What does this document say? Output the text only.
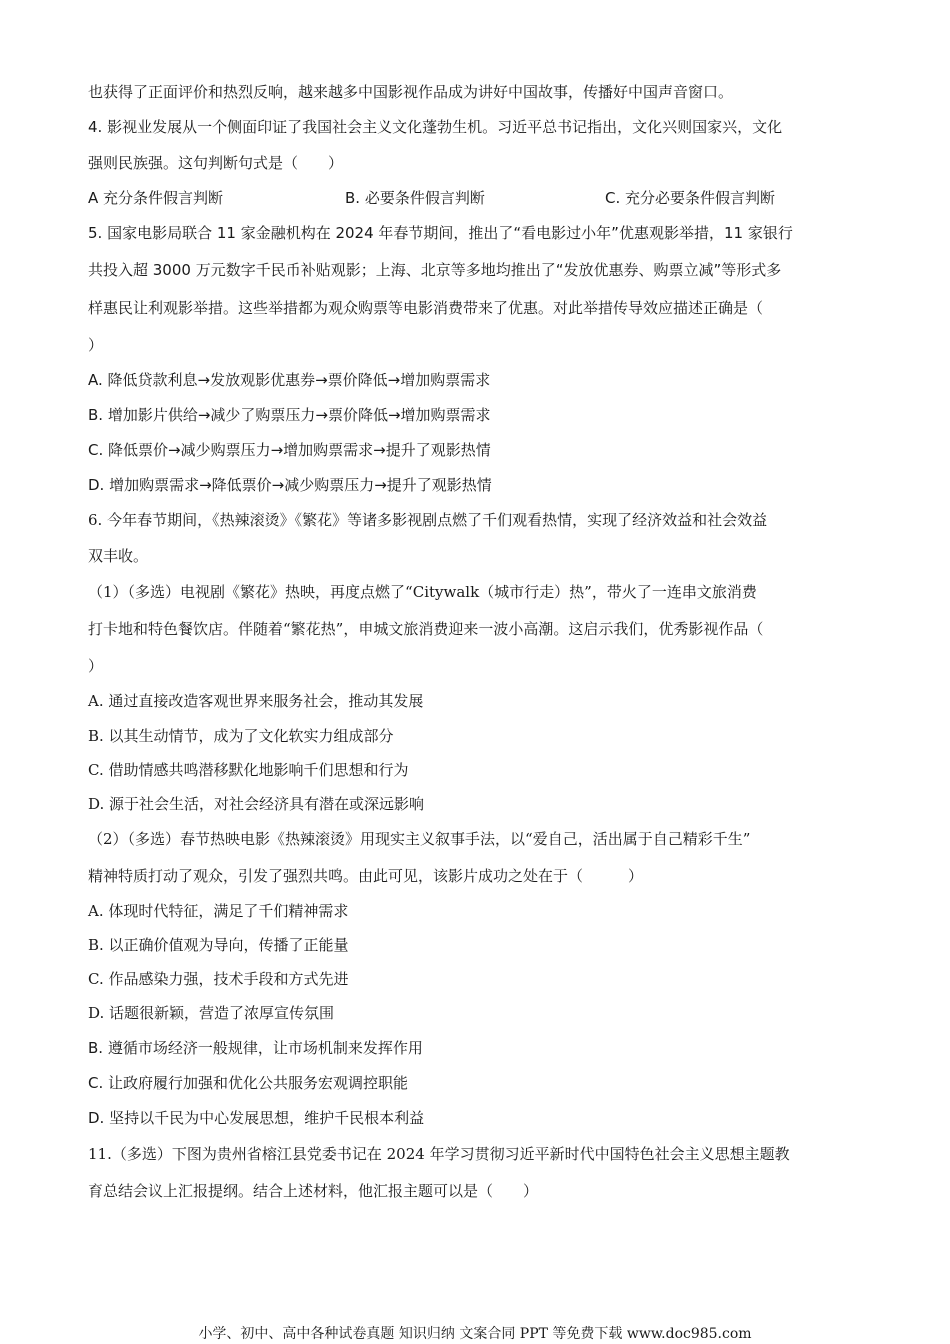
也获得了正面评价和热烈反响，越来越多中国影视作品成为讲好中国故事，传播好中国声音窗口。
4. 影视业发展从一个侧面印证了我国社会主义文化蓬勃生机。习近平总书记指出，文化兴则国家兴，文化
强则民族强。这句判断句式是（　　）
A 充分条件假言判断	B. 必要条件假言判断	C. 充分必要条件假言判断
5. 国家电影局联合 11 家金融机构在 2024 年春节期间，推出了“看电影过小年”优惠观影举措，11 家银行
共投入超 3000 万元数字千民币补贴观影；上海、北京等多地均推出了“发放优惠券、购票立减”等形式多
样惠民让利观影举措。这些举措都为观众购票等电影消费带来了优惠。对此举措传导效应描述正确是（
）
A. 降低贷款利息→发放观影优惠券→票价降低→增加购票需求
B. 增加影片供给→减少了购票压力→票价降低→增加购票需求
C. 降低票价→减少购票压力→增加购票需求→提升了观影热情
D. 增加购票需求→降低票价→减少购票压力→提升了观影热情
6. 今年春节期间，《热辣滚烫》《繁花》等诸多影视剧点燃了千们观看热情，实现了经济效益和社会效益
双丰收。
（1）（多选）电视剧《繁花》热映，再度点燃了“Citywalk（城市行走）热”，带火了一连串文旅消费
打卡地和特色餐饮店。伴随着“繁花热”，申城文旅消费迎来一波小高潮。这启示我们，优秀影视作品（
）
A. 通过直接改造客观世界来服务社会，推动其发展
B. 以其生动情节，成为了文化软实力组成部分
C. 借助情感共鸣潜移默化地影响千们思想和行为
D. 源于社会生活，对社会经济具有潜在或深远影响
（2）（多选）春节热映电影《热辣滚烫》用现实主义叙事手法，以“爱自己，活出属于自己精彩千生”
精神特质打动了观众，引发了强烈共鸣。由此可见，该影片成功之处在于（　　　）
A. 体现时代特征，满足了千们精神需求
B. 以正确价值观为导向，传播了正能量
C. 作品感染力强，技术手段和方式先进
D. 话题很新颖，营造了浓厚宣传氛围
B. 遵循市场经济一般规律，让市场机制来发挥作用
C. 让政府履行加强和优化公共服务宏观调控职能
D. 坚持以千民为中心发展思想，维护千民根本利益
11.（多选）下图为贵州省榕江县党委书记在 2024 年学习贯彻习近平新时代中国特色社会主义思想主题教
育总结会议上汇报提纲。结合上述材料，他汇报主题可以是（　　）
小学、初中、高中各种试卷真题 知识归纳 文案合同 PPT 等免费下载 www.doc985.com
